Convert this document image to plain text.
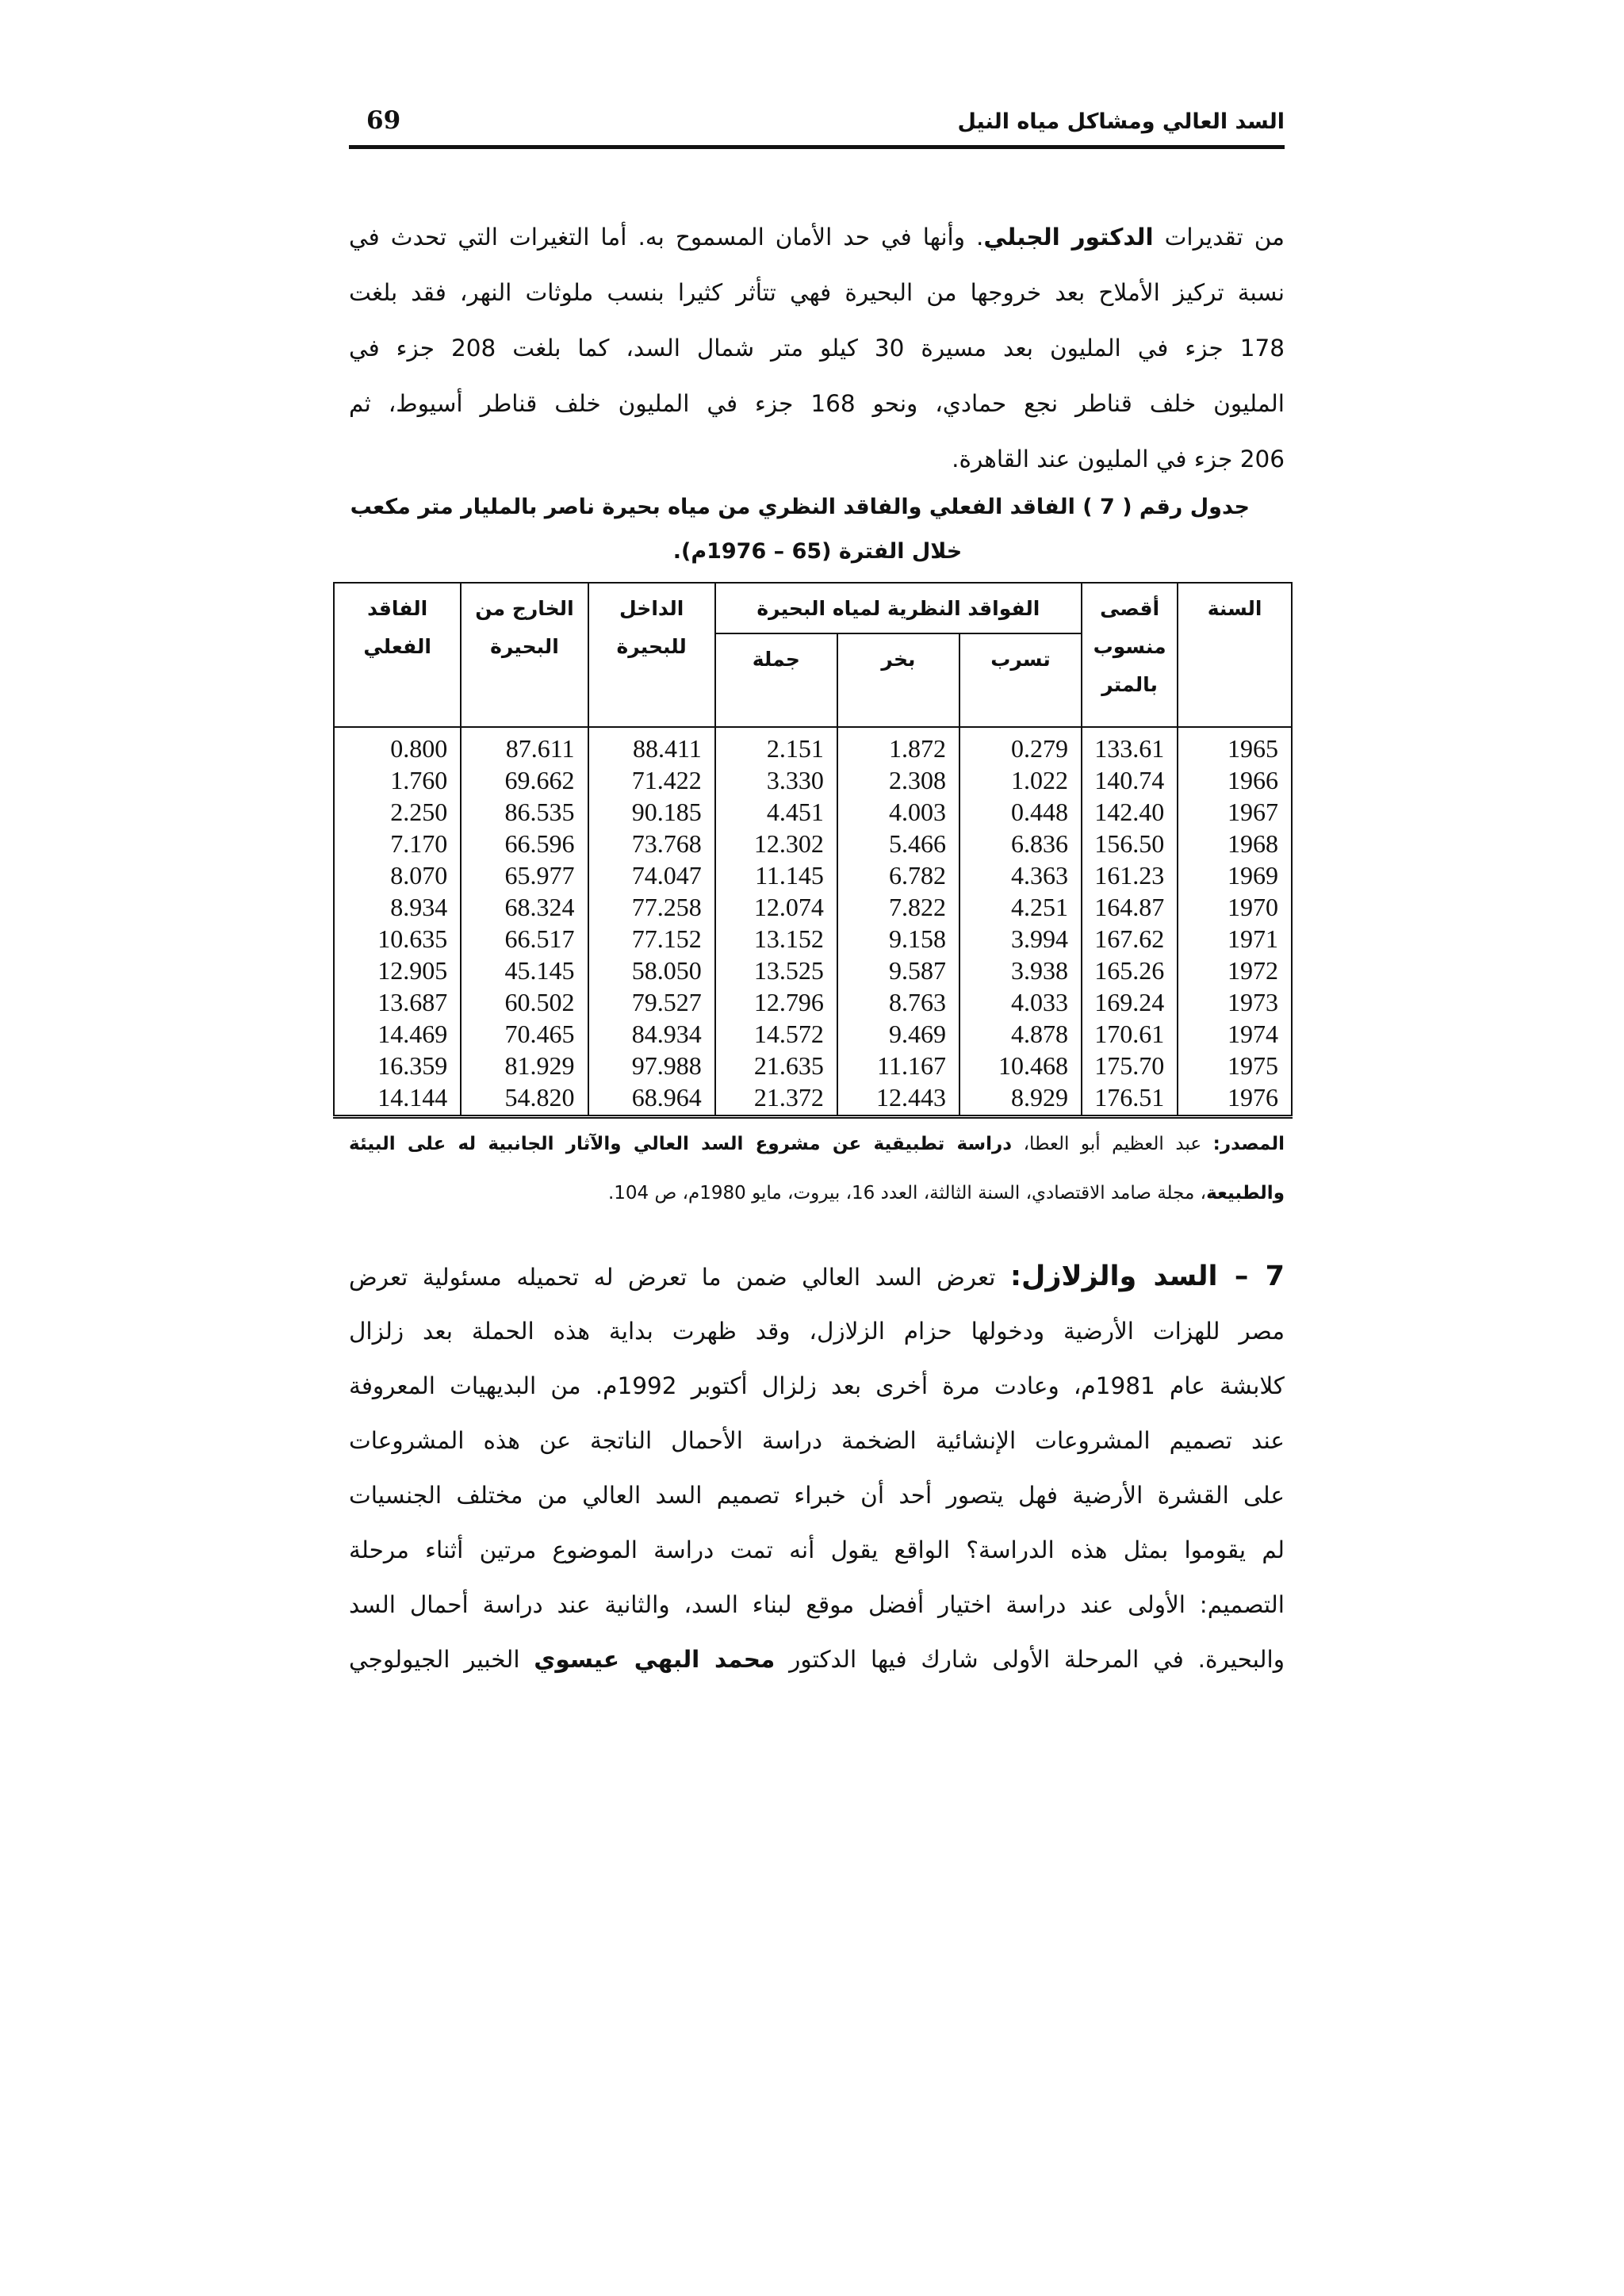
السد العالي ومشاكل مياه النيل
69
من تقديرات الدكتور الجبلي. وأنها في حد الأمان المسموح به. أما التغيرات التي تحدث في
نسبة تركيز الأملاح بعد خروجها من البحيرة فهي تتأثر كثيرا بنسب ملوثات النهر، فقد بلغت
178 جزء في المليون بعد مسيرة 30 كيلو متر شمال السد، كما بلغت 208 جزء في
المليون خلف قناطر نجع حمادي، ونحو 168 جزء في المليون خلف قناطر أسيوط، ثم
206 جزء في المليون عند القاهرة.
جدول رقم ( 7 ) الفاقد الفعلي والفاقد النظري من مياه بحيرة ناصر بالمليار متر مكعب
خلال الفترة (65 – 1976م).
السنة	أقصى منسوب بالمتر	الفواقد النظرية لمياه البحيرة			الداخل للبحيرة	الخارج من البحيرة	الفاقد الفعلي
		تسرب	بخر	جملة			
1965	133.61	0.279	1.872	2.151	88.411	87.611	0.800
1966	140.74	1.022	2.308	3.330	71.422	69.662	1.760
1967	142.40	0.448	4.003	4.451	90.185	86.535	2.250
1968	156.50	6.836	5.466	12.302	73.768	66.596	7.170
1969	161.23	4.363	6.782	11.145	74.047	65.977	8.070
1970	164.87	4.251	7.822	12.074	77.258	68.324	8.934
1971	167.62	3.994	9.158	13.152	77.152	66.517	10.635
1972	165.26	3.938	9.587	13.525	58.050	45.145	12.905
1973	169.24	4.033	8.763	12.796	79.527	60.502	13.687
1974	170.61	4.878	9.469	14.572	84.934	70.465	14.469
1975	175.70	10.468	11.167	21.635	97.988	81.929	16.359
1976	176.51	8.929	12.443	21.372	68.964	54.820	14.144
المصدر: عبد العظيم أبو العطا، دراسة تطبيقية عن مشروع السد العالي والآثار الجانبية له على البيئة
والطبيعة، مجلة صامد الاقتصادي، السنة الثالثة، العدد 16، بيروت، مايو 1980م، ص 104.
7 – السد والزلازل: تعرض السد العالي ضمن ما تعرض له تحميله مسئولية تعرض
مصر للهزات الأرضية ودخولها حزام الزلازل، وقد ظهرت بداية هذه الحملة بعد زلزال
كلابشة عام 1981م، وعادت مرة أخرى بعد زلزال أكتوبر 1992م. من البديهيات المعروفة
عند تصميم المشروعات الإنشائية الضخمة دراسة الأحمال الناتجة عن هذه المشروعات
على القشرة الأرضية فهل يتصور أحد أن خبراء تصميم السد العالي من مختلف الجنسيات
لم يقوموا بمثل هذه الدراسة؟ الواقع يقول أنه تمت دراسة الموضوع مرتين أثناء مرحلة
التصميم: الأولى عند دراسة اختيار أفضل موقع لبناء السد، والثانية عند دراسة أحمال السد
والبحيرة. في المرحلة الأولى شارك فيها الدكتور محمد البهي عيسوي الخبير الجيولوجي
